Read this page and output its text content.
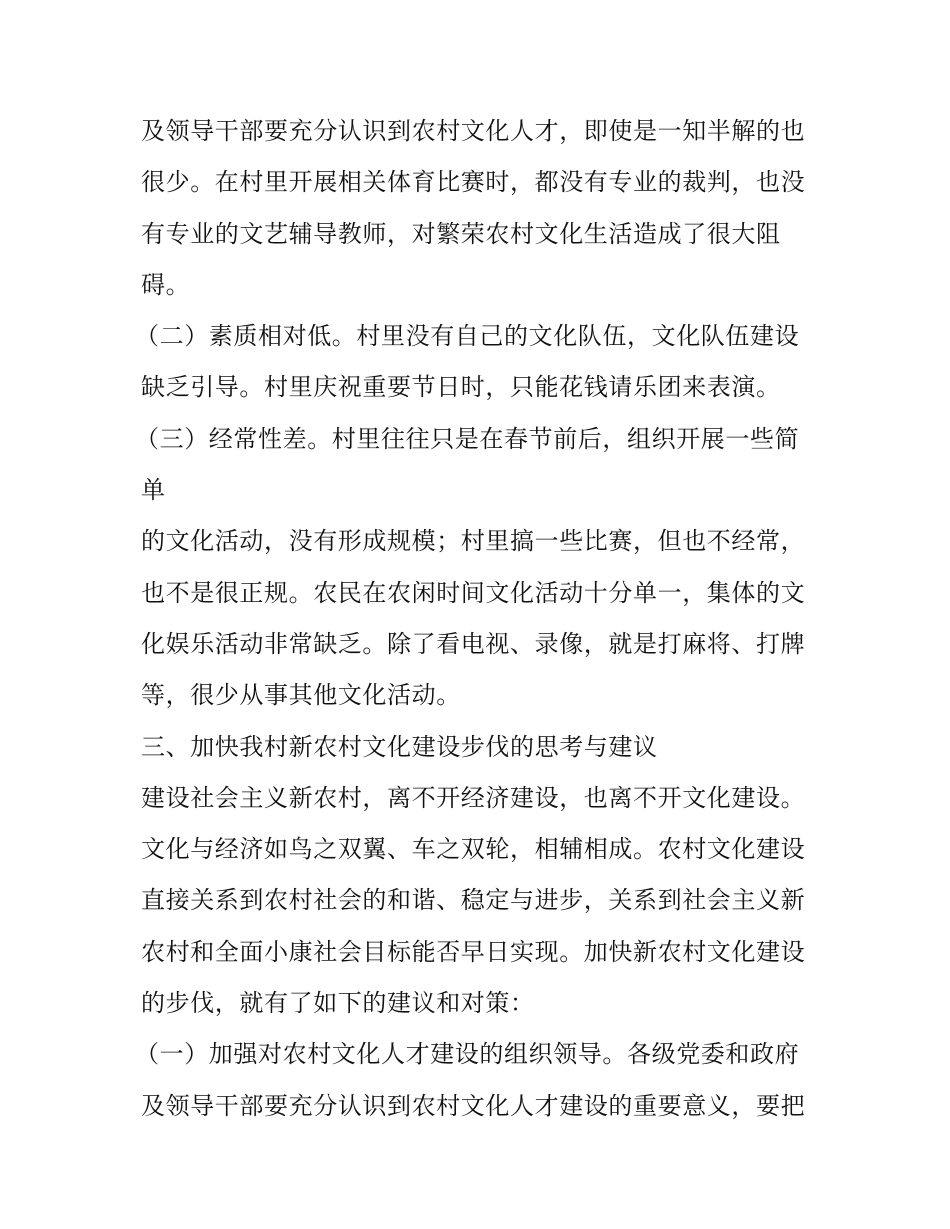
及领导干部要充分认识到农村文化人才，即使是一知半解的也
很少。在村里开展相关体育比赛时，都没有专业的裁判，也没
有专业的文艺辅导教师，对繁荣农村文化生活造成了很大阻
碍。
（二）素质相对低。村里没有自己的文化队伍，文化队伍建设
缺乏引导。村里庆祝重要节日时，只能花钱请乐团来表演。
（三）经常性差。村里往往只是在春节前后，组织开展一些简
单
的文化活动，没有形成规模；村里搞一些比赛，但也不经常，
也不是很正规。农民在农闲时间文化活动十分单一，集体的文
化娱乐活动非常缺乏。除了看电视、录像，就是打麻将、打牌
等，很少从事其他文化活动。
三、加快我村新农村文化建设步伐的思考与建议
建设社会主义新农村，离不开经济建设，也离不开文化建设。
文化与经济如鸟之双翼、车之双轮，相辅相成。农村文化建设
直接关系到农村社会的和谐、稳定与进步，关系到社会主义新
农村和全面小康社会目标能否早日实现。加快新农村文化建设
的步伐，就有了如下的建议和对策：
（一）加强对农村文化人才建设的组织领导。各级党委和政府
及领导干部要充分认识到农村文化人才建设的重要意义，要把
